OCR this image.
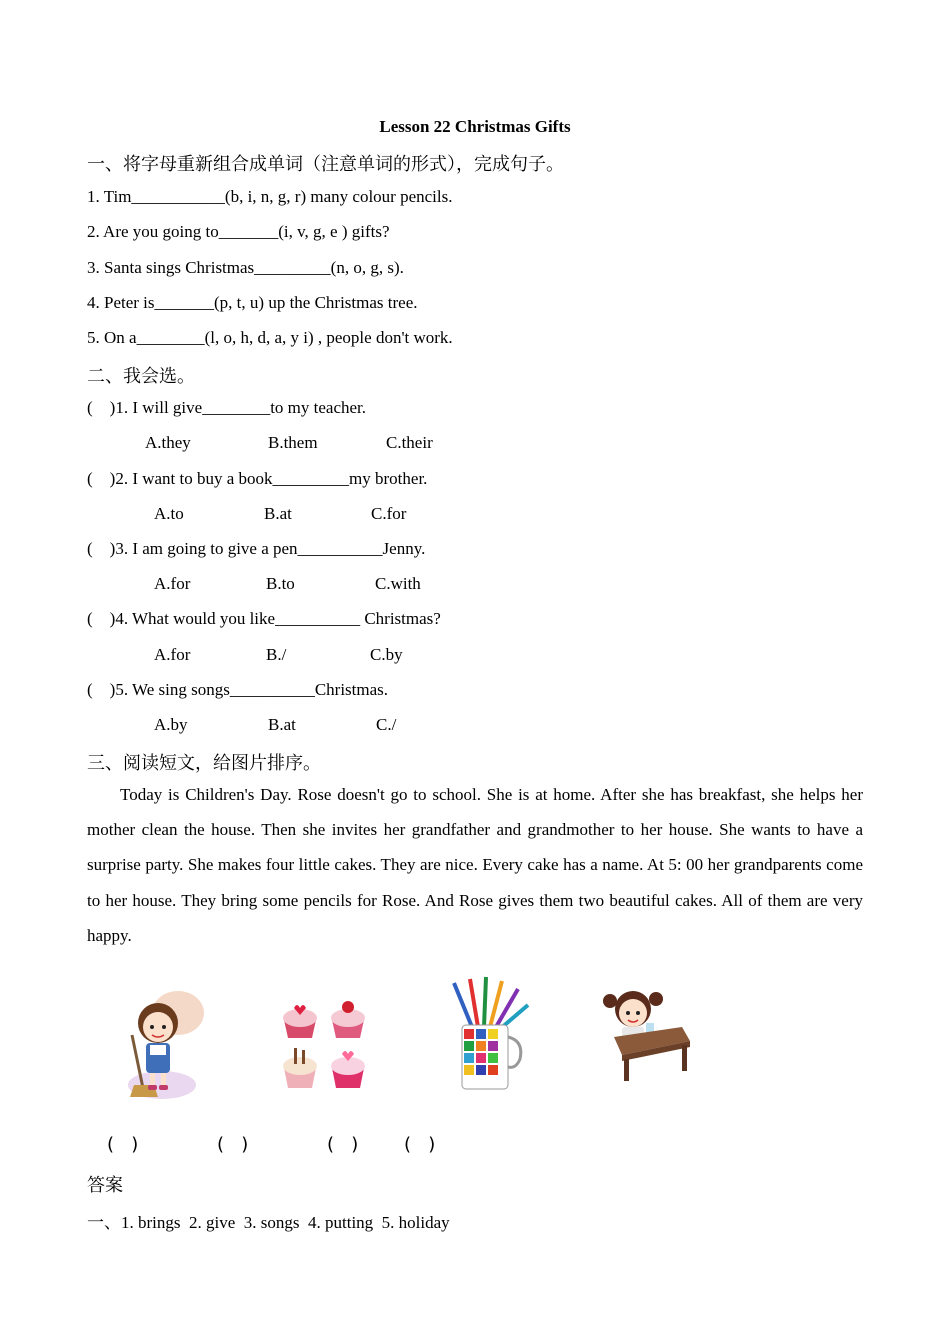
Lesson 22 Christmas Gifts
一、将字母重新组合成单词（注意单词的形式），完成句子。
1. Tim___________(b, i, n, g, r) many colour pencils.
2. Are you going to_______(i, v, g, e ) gifts?
3. Santa sings Christmas_________(n, o, g, s).
4. Peter is_______(p, t, u) up the Christmas tree.
5. On a________(l, o, h, d, a, y i) , people don't work.
二、我会选。
(    )1. I will give________to my teacher.
A.they	B.them	C.their
(    )2. I want to buy a book_________my brother.
A.to	B.at	C.for
(    )3. I am going to give a pen__________Jenny.
A.for	B.to	C.with
(    )4. What would you like__________ Christmas?
A.for	B./	C.by
(    )5. We sing songs__________Christmas.
A.by	B.at	C./
三、阅读短文，给图片排序。
Today is Children's Day. Rose doesn't go to school. She is at home. After she has breakfast, she helps her mother clean the house. Then she invites her grandfather and grandmother to her house. She wants to have a surprise party. She makes four little cakes. They are nice. Every cake has a name. At 5: 00 her grandparents come to her house. They bring some pencils for Rose. And Rose gives them two beautiful cakes. All of them are very happy.
(   )	(   )	(   )	(   )
答案
一、1. brings  2. give  3. songs  4. putting  5. holiday
